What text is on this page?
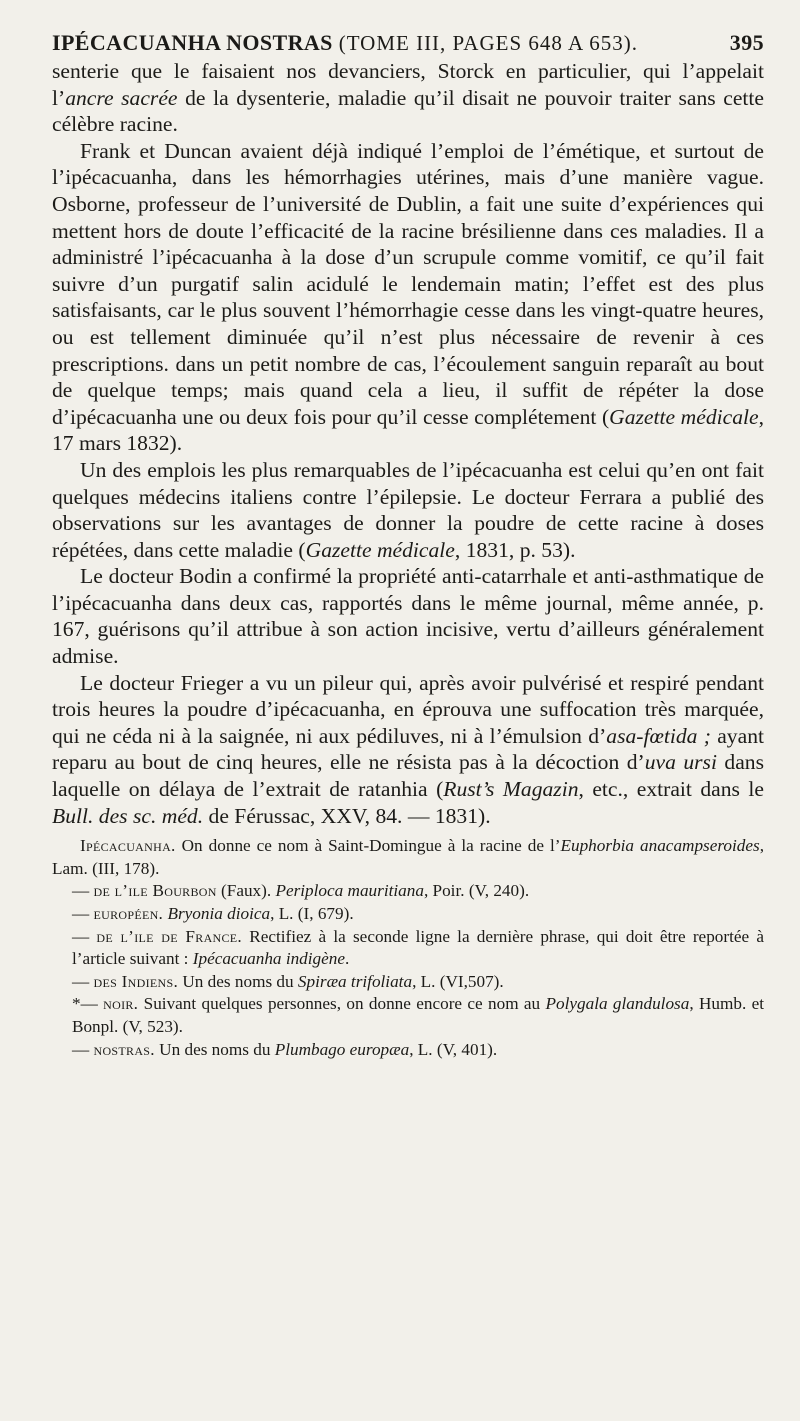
IPÉCACUANHA NOSTRAS (TOME III, PAGES 648 A 653).	395

senterie que le faisaient nos devanciers, Storck en particulier, qui l’appelait l’ancre sacrée de la dysenterie, maladie qu’il disait ne pouvoir traiter sans cette célèbre racine.

Frank et Duncan avaient déjà indiqué l’emploi de l’émétique, et surtout de l’ipécacuanha, dans les hémorrhagies utérines, mais d’une manière vague. Osborne, professeur de l’université de Dublin, a fait une suite d’expériences qui mettent hors de doute l’efficacité de la racine brésilienne dans ces maladies. Il a administré l’ipécacuanha à la dose d’un scrupule comme vomitif, ce qu’il fait suivre d’un purgatif salin acidulé le lendemain matin; l’effet est des plus satisfaisants, car le plus souvent l’hémorrhagie cesse dans les vingt-quatre heures, ou est tellement diminuée qu’il n’est plus nécessaire de revenir à ces prescriptions. dans un petit nombre de cas, l’écoulement sanguin reparaît au bout de quelque temps; mais quand cela a lieu, il suffit de répéter la dose d’ipécacuanha une ou deux fois pour qu’il cesse complétement (Gazette médicale, 17 mars 1832).

Un des emplois les plus remarquables de l’ipécacuanha est celui qu’en ont fait quelques médecins italiens contre l’épilepsie. Le docteur Ferrara a publié des observations sur les avantages de donner la poudre de cette racine à doses répétées, dans cette maladie (Gazette médicale, 1831, p. 53).

Le docteur Bodin a confirmé la propriété anti-catarrhale et anti-asthmatique de l’ipécacuanha dans deux cas, rapportés dans le même journal, même année, p. 167, guérisons qu’il attribue à son action incisive, vertu d’ailleurs généralement admise.

Le docteur Frieger a vu un pileur qui, après avoir pulvérisé et respiré pendant trois heures la poudre d’ipécacuanha, en éprouva une suffocation très marquée, qui ne céda ni à la saignée, ni aux pédiluves, ni à l’émulsion d’asa-fœtida ; ayant reparu au bout de cinq heures, elle ne résista pas à la décoction d’uva ursi dans laquelle on délaya de l’extrait de ratanhia (Rust’s Magazin, etc., extrait dans le Bull. des sc. méd. de Férussac, XXV, 84. — 1831).

Ipécacuanha. On donne ce nom à Saint-Domingue à la racine de l’Euphorbia anacampseroides, Lam. (III, 178).

— de l’ile Bourbon (Faux). Periploca mauritiana, Poir. (V, 240).

— européen. Bryonia dioica, L. (I, 679).

— de l’ile de France. Rectifiez à la seconde ligne la dernière phrase, qui doit être reportée à l’article suivant : Ipécacuanha indigène.

— des Indiens. Un des noms du Spiræa trifoliata, L. (VI,507).

*— noir. Suivant quelques personnes, on donne encore ce nom au Polygala glandulosa, Humb. et Bonpl. (V, 523).

— nostras. Un des noms du Plumbago europæa, L. (V, 401).
